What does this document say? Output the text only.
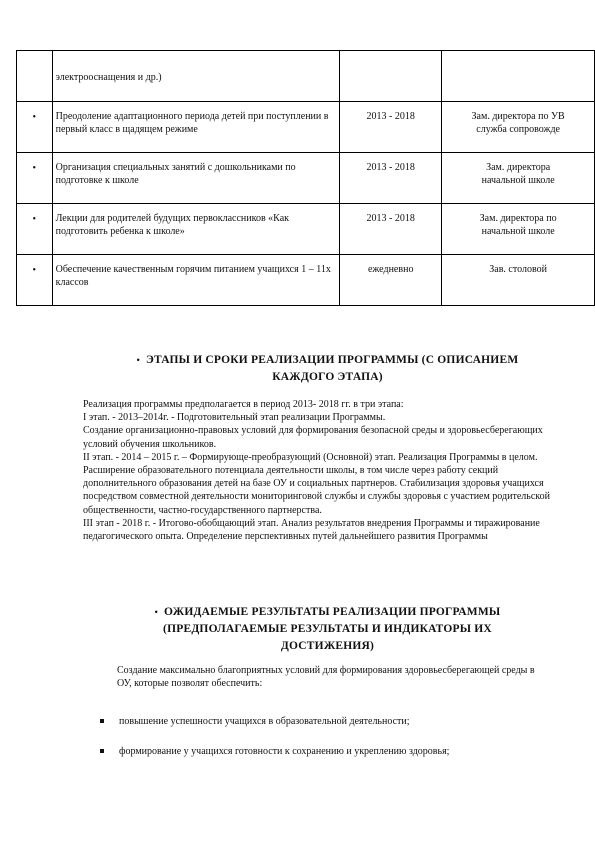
	электрооснащения и др.)		
•	Преодоление адаптационного периода детей при поступлении в первый класс в щадящем режиме	2013 - 2018	Зам. директора по УВ
служба сопровожде

•	Организация специальных занятий с дошкольниками по подготовке к школе	2013 - 2018	Зам. директора
начальной школе

•	Лекции для родителей будущих первоклассников «Как подготовить ребенка к школе»	2013 - 2018	Зам. директора по
начальной школе

•	Обеспечение качественным горячим питанием учащихся 1 – 11х классов	ежедневно	Зав. столовой
• ЭТАПЫ И СРОКИ РЕАЛИЗАЦИИ ПРОГРАММЫ (С ОПИСАНИЕМ
КАЖДОГО ЭТАПА)

Реализация программы предполагается в период 2013- 2018 гг. в три этапа:

I этап. - 2013–2014г. - Подготовительный этап реализации Программы.

Создание организационно-правовых условий для формирования безопасной среды и здоровьесберегающих условий обучения школьников.

II этап. - 2014 – 2015 г. – Формирующе-преобразующий (Основной) этап. Реализация Программы в целом. Расширение образовательного потенциала деятельности школы, в том числе через работу секций дополнительного образования детей на базе ОУ и социальных партнеров. Стабилизация здоровья учащихся посредством совместной деятельности мониторинговой службы и службы здоровья с участием родительской общественности, частно-государственного партнерства.

III этап - 2018 г. - Итогово-обобщающий этап. Анализ результатов внедрения Программы и тиражирование педагогического опыта. Определение перспективных путей дальнейшего развития Программы

• ОЖИДАЕМЫЕ РЕЗУЛЬТАТЫ РЕАЛИЗАЦИИ ПРОГРАММЫ
(ПРЕДПОЛАГАЕМЫЕ РЕЗУЛЬТАТЫ И ИНДИКАТОРЫ ИХ
ДОСТИЖЕНИЯ)

Создание максимально благоприятных условий для формирования здоровьесберегающей среды в ОУ, которые позволят обеспечить:

повышение успешности учащихся в образовательной деятельности;
формирование у учащихся готовности к сохранению и укреплению здоровья;
